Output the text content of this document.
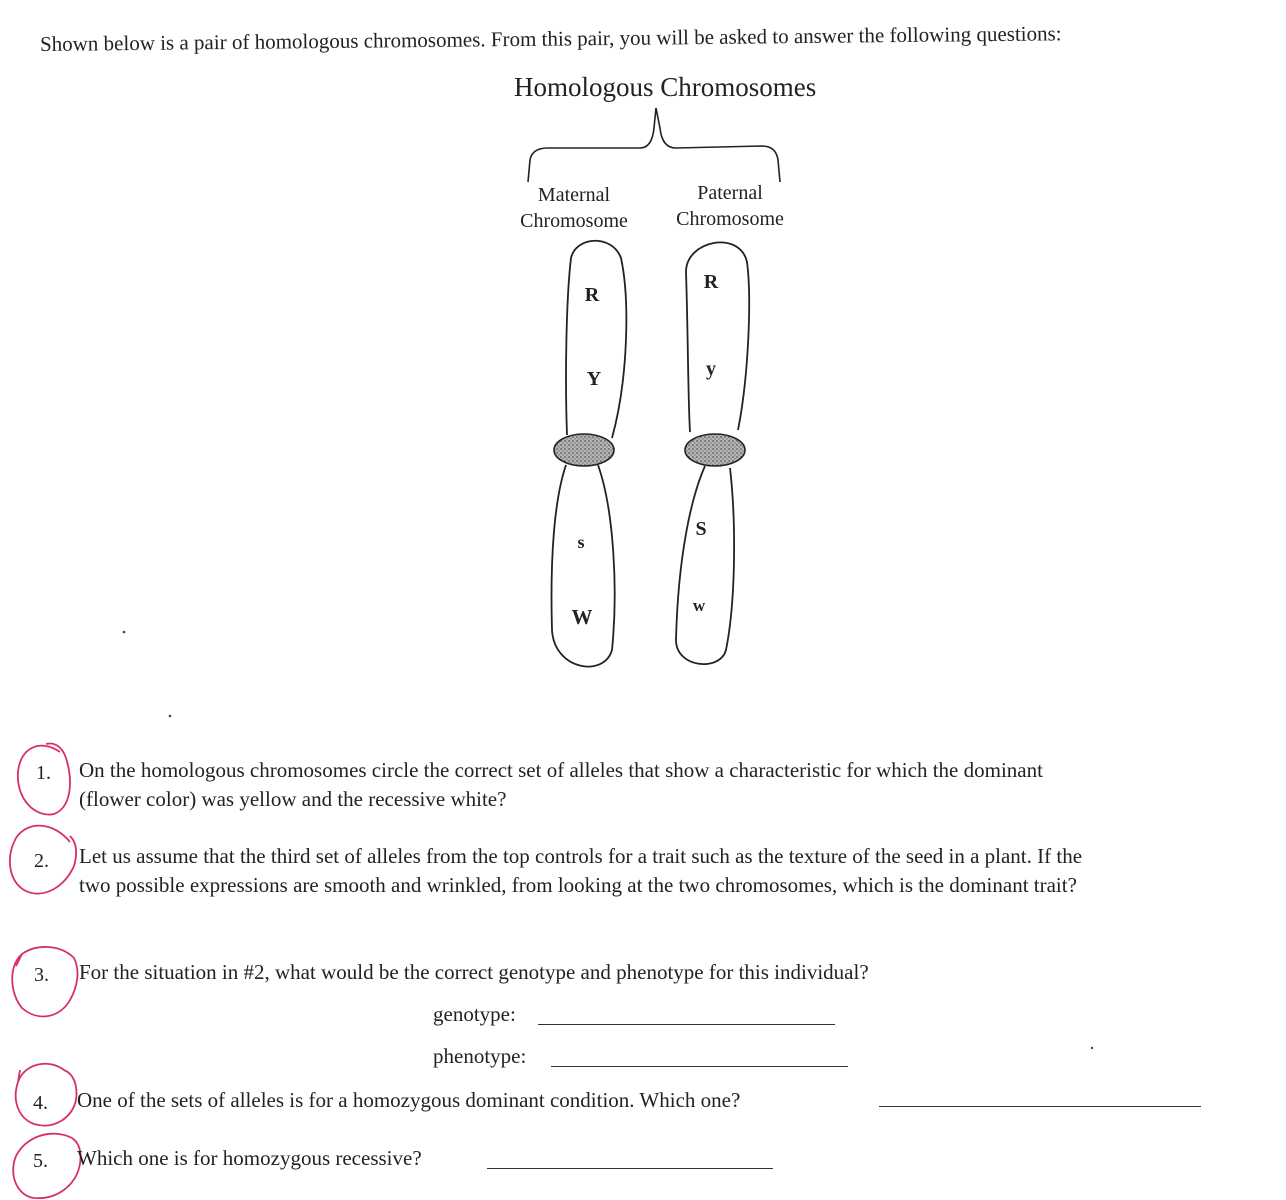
Shown below is a pair of homologous chromosomes. From this pair, you will be asked to answer the following questions:
Homologous Chromosomes
Maternal
Chromosome
Paternal
Chromosome
R
Y
s
W
R
y
S
w
1. On the homologous chromosomes circle the correct set of alleles that show a characteristic for which the dominant
(flower color) was yellow and the recessive white?
2. Let us assume that the third set of alleles from the top controls for a trait such as the texture of the seed in a plant. If the
two possible expressions are smooth and wrinkled, from looking at the two chromosomes, which is the dominant trait?
3. For the situation in #2, what would be the correct genotype and phenotype for this individual?
genotype:
phenotype:
4. One of the sets of alleles is for a homozygous dominant condition. Which one?
5. Which one is for homozygous recessive?
